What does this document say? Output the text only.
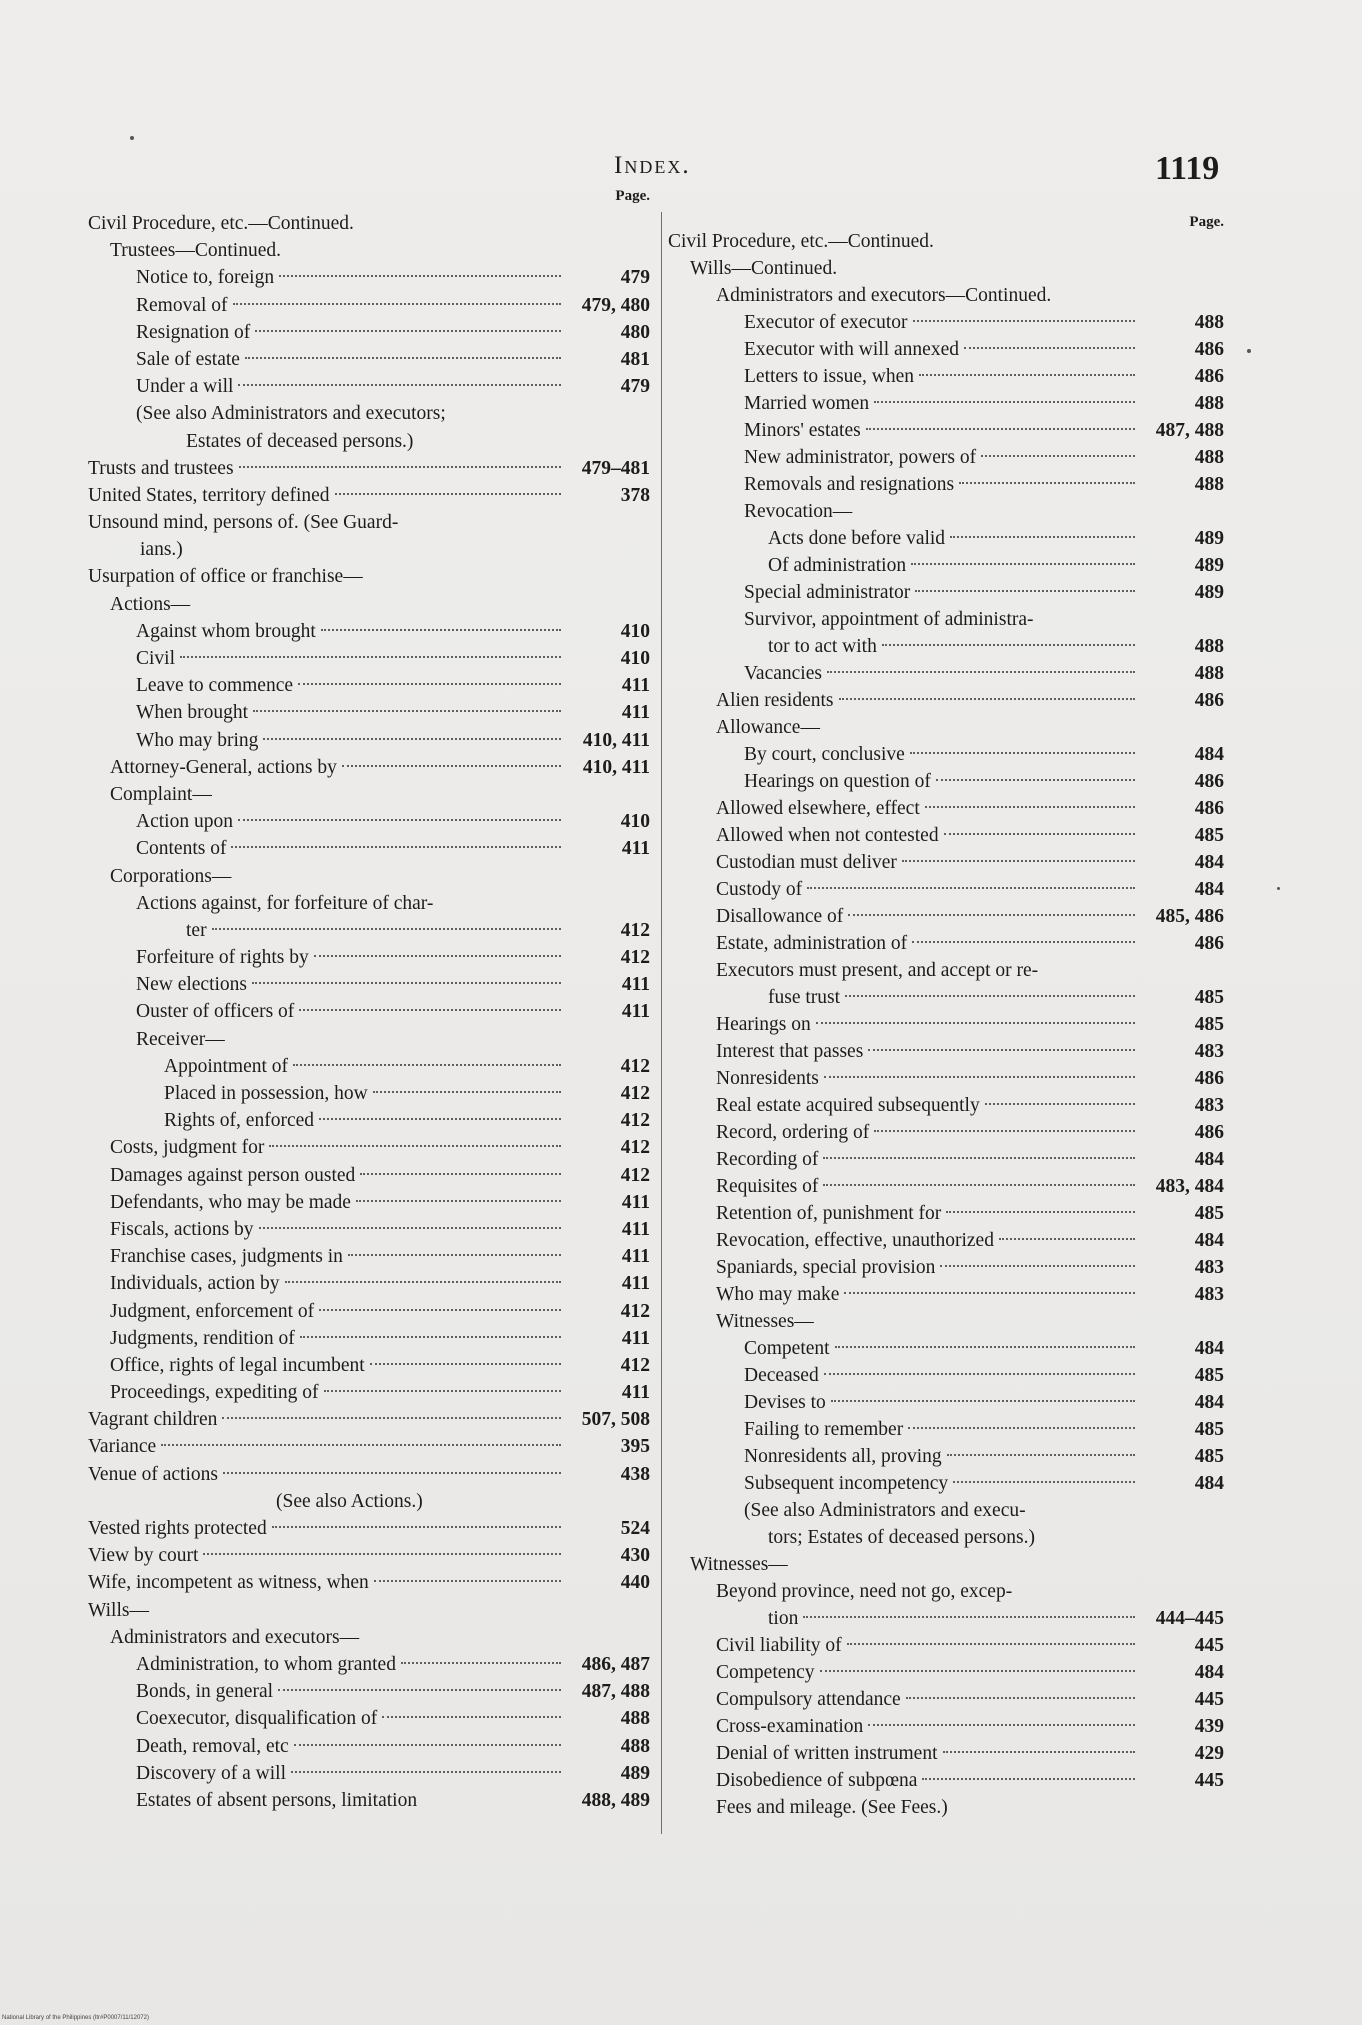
Index.	1119
Page.
Civil Procedure, etc.—Continued.
Trustees—Continued.
Notice to, foreign	479
Removal of	479, 480
Resignation of	480
Sale of estate	481
Under a will	479
(See also Administrators and executors;
Estates of deceased persons.)
Trusts and trustees	479–481
United States, territory defined	378
Unsound mind, persons of. (See Guard-
ians.)
Usurpation of office or franchise—
Actions—
Against whom brought	410
Civil	410
Leave to commence	411
When brought	411
Who may bring	410, 411
Attorney-General, actions by	410, 411
Complaint—
Action upon	410
Contents of	411
Corporations—
Actions against, for forfeiture of char-
ter	412
Forfeiture of rights by	412
New elections	411
Ouster of officers of	411
Receiver—
Appointment of	412
Placed in possession, how	412
Rights of, enforced	412
Costs, judgment for	412
Damages against person ousted	412
Defendants, who may be made	411
Fiscals, actions by	411
Franchise cases, judgments in	411
Individuals, action by	411
Judgment, enforcement of	412
Judgments, rendition of	411
Office, rights of legal incumbent	412
Proceedings, expediting of	411
Vagrant children	507, 508
Variance	395
Venue of actions	438
(See also Actions.)
Vested rights protected	524
View by court	430
Wife, incompetent as witness, when	440
Wills—
Administrators and executors—
Administration, to whom granted	486, 487
Bonds, in general	487, 488
Coexecutor, disqualification of	488
Death, removal, etc	488
Discovery of a will	489
Estates of absent persons, limitation	488, 489
Page.
Civil Procedure, etc.—Continued.
Wills—Continued.
Administrators and executors—Continued.
Executor of executor	488
Executor with will annexed	486
Letters to issue, when	486
Married women	488
Minors' estates	487, 488
New administrator, powers of	488
Removals and resignations	488
Revocation—
Acts done before valid	489
Of administration	489
Special administrator	489
Survivor, appointment of administra-
tor to act with	488
Vacancies	488
Alien residents	486
Allowance—
By court, conclusive	484
Hearings on question of	486
Allowed elsewhere, effect	486
Allowed when not contested	485
Custodian must deliver	484
Custody of	484
Disallowance of	485, 486
Estate, administration of	486
Executors must present, and accept or re-
fuse trust	485
Hearings on	485
Interest that passes	483
Nonresidents	486
Real estate acquired subsequently	483
Record, ordering of	486
Recording of	484
Requisites of	483, 484
Retention of, punishment for	485
Revocation, effective, unauthorized	484
Spaniards, special provision	483
Who may make	483
Witnesses—
Competent	484
Deceased	485
Devises to	484
Failing to remember	485
Nonresidents all, proving	485
Subsequent incompetency	484
(See also Administrators and execu-
tors; Estates of deceased persons.)
Witnesses—
Beyond province, need not go, excep-
tion	444–445
Civil liability of	445
Competency	484
Compulsory attendance	445
Cross-examination	439
Denial of written instrument	429
Disobedience of subpœna	445
Fees and mileage. (See Fees.)
National Library of the Philippines (ltr#P0007/11/12072)
